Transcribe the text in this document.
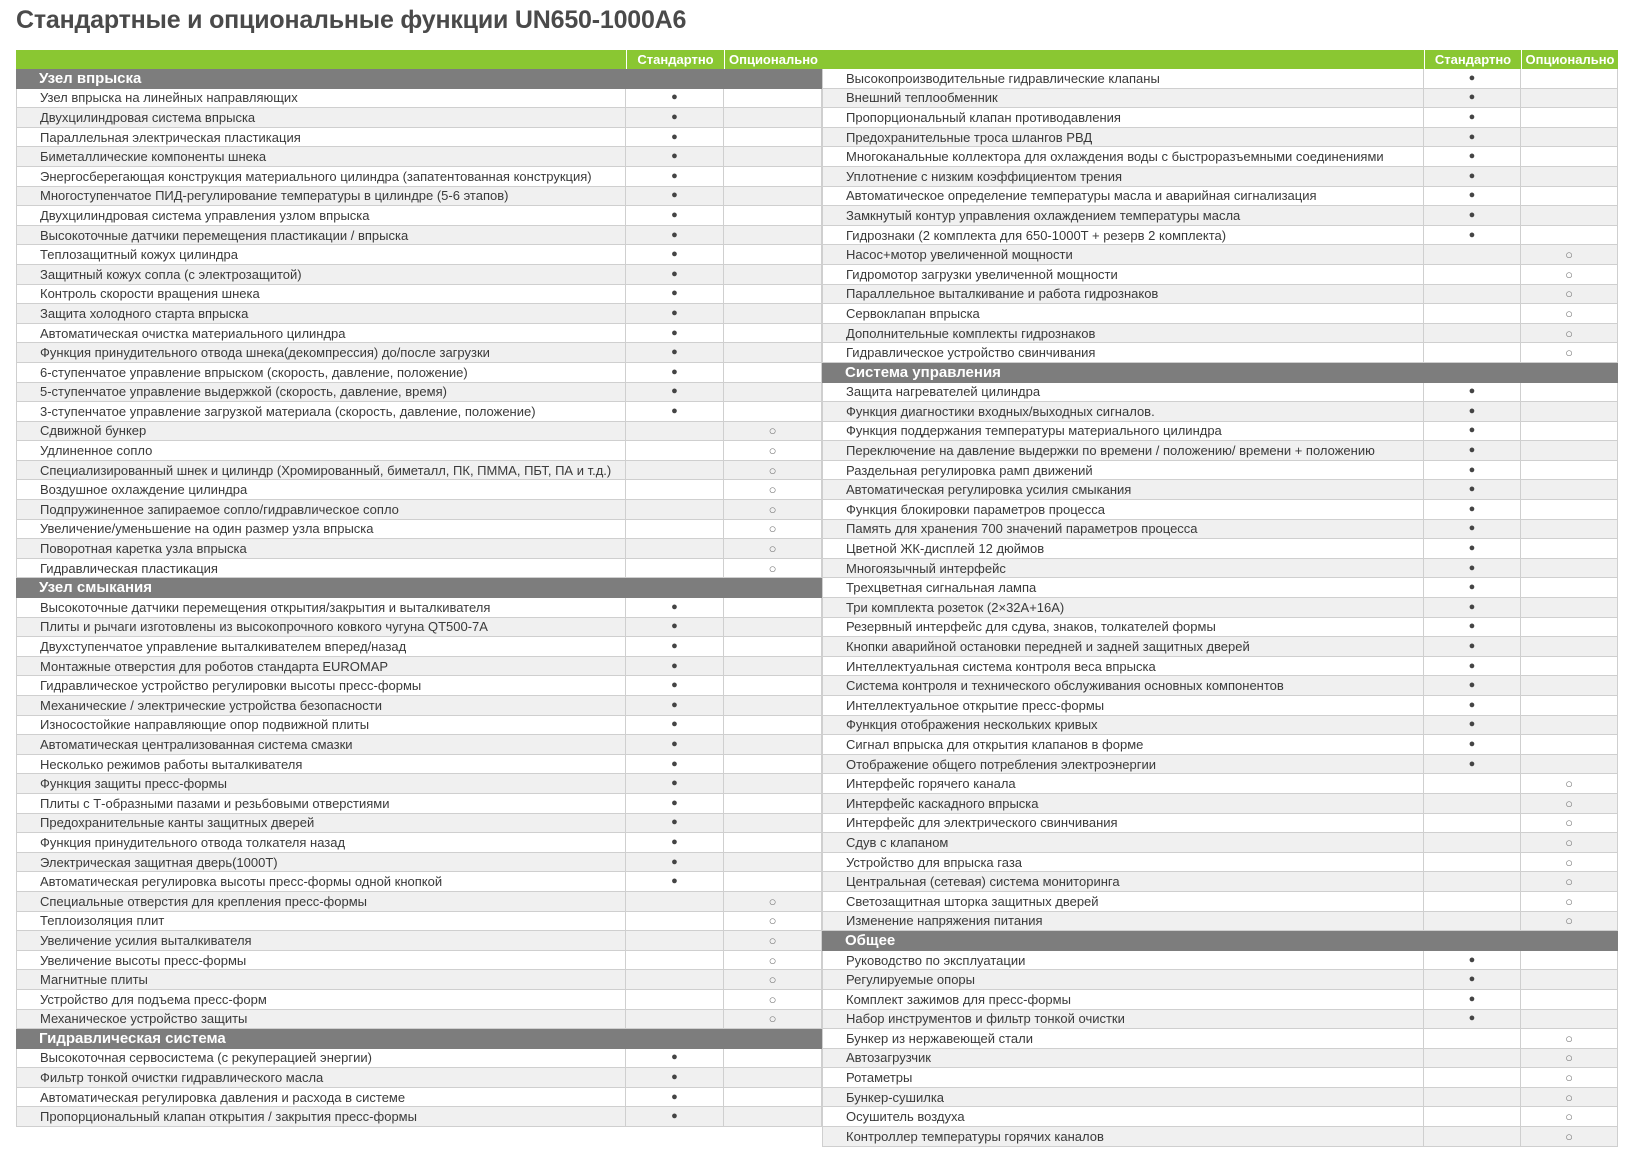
Стандартные и опциональные функции UN650-1000A6
Стандартно	Опционально
Узел впрыска
Узел впрыска на линейных направляющих	●
Двухцилиндровая система впрыска	●
Параллельная электрическая пластикация	●
Биметаллические компоненты шнека	●
Энергосберегающая конструкция материального цилиндра (запатентованная конструкция)	●
Многоступенчатое ПИД-регулирование температуры в цилиндре (5-6 этапов)	●
Двухцилиндровая система управления узлом впрыска	●
Высокоточные датчики перемещения пластикации / впрыска	●
Теплозащитный кожух цилиндра	●
Защитный кожух сопла (с электрозащитой)	●
Контроль скорости вращения шнека	●
Защита холодного старта впрыска	●
Автоматическая очистка материального цилиндра	●
Функция принудительного отвода шнека(декомпрессия) до/после загрузки	●
6-ступенчатое управление впрыском (скорость, давление, положение)	●
5-ступенчатое управление выдержкой (скорость, давление, время)	●
3-ступенчатое управление загрузкой материала (скорость, давление, положение)	●
Сдвижной бункер	○
Удлиненное сопло	○
Специализированный шнек и цилиндр (Хромированный, биметалл, ПК, ПММА, ПБТ, ПА и т.д.)	○
Воздушное охлаждение цилиндра	○
Подпружиненное запираемое сопло/гидравлическое сопло	○
Увеличение/уменьшение на один размер узла впрыска	○
Поворотная каретка узла впрыска	○
Гидравлическая пластикация	○
Узел смыкания
Высокоточные датчики перемещения открытия/закрытия и выталкивателя	●
Плиты и рычаги изготовлены из высокопрочного ковкого чугуна QT500-7A	●
Двухступенчатое управление выталкивателем вперед/назад	●
Монтажные отверстия для роботов стандарта EUROMAP	●
Гидравлическое устройство регулировки высоты пресс-формы	●
Механические / электрические устройства безопасности	●
Износостойкие направляющие опор подвижной плиты	●
Автоматическая централизованная система смазки	●
Несколько режимов работы выталкивателя	●
Функция защиты пресс-формы	●
Плиты с Т-образными пазами и резьбовыми отверстиями	●
Предохранительные канты защитных дверей	●
Функция принудительного отвода толкателя назад	●
Электрическая защитная дверь(1000T)	●
Автоматическая регулировка высоты пресс-формы одной кнопкой	●
Специальные отверстия для крепления пресс-формы	○
Теплоизоляция плит	○
Увеличение усилия выталкивателя	○
Увеличение высоты пресс-формы	○
Магнитные плиты	○
Устройство для подъема пресс-форм	○
Механическое устройство защиты	○
Гидравлическая система
Высокоточная сервосистема (с рекуперацией энергии)	●
Фильтр тонкой очистки гидравлического масла	●
Автоматическая регулировка давления и расхода в системе	●
Пропорциональный клапан открытия / закрытия пресс-формы	●
Стандартно	Опционально
Высокопроизводительные гидравлические клапаны	●
Внешний теплообменник	●
Пропорциональный клапан противодавления	●
Предохранительные троса шлангов РВД	●
Многоканальные коллектора для охлаждения воды с быстроразъемными соединениями	●
Уплотнение с низким коэффициентом трения	●
Автоматическое определение температуры масла и аварийная сигнализация	●
Замкнутый контур управления охлаждением температуры масла	●
Гидрознаки (2 комплекта для 650-1000T + резерв 2 комплекта)	●
Насос+мотор увеличенной мощности	○
Гидромотор загрузки увеличенной мощности	○
Параллельное выталкивание и работа гидрознаков	○
Сервоклапан впрыска	○
Дополнительные комплекты гидрознаков	○
Гидравлическое устройство свинчивания	○
Система управления
Защита нагревателей цилиндра	●
Функция диагностики входных/выходных сигналов.	●
Функция поддержания температуры материального цилиндра	●
Переключение на давление выдержки по времени / положению/ времени + положению	●
Раздельная регулировка рамп движений	●
Автоматическая регулировка усилия смыкания	●
Функция блокировки параметров процесса	●
Память для хранения 700 значений параметров процесса	●
Цветной ЖК-дисплей 12 дюймов	●
Многоязычный интерфейс	●
Трехцветная сигнальная лампа	●
Три комплекта розеток (2×32A+16A)	●
Резервный интерфейс для сдува, знаков, толкателей формы	●
Кнопки аварийной остановки передней и задней защитных дверей	●
Интеллектуальная система контроля веса впрыска	●
Система контроля и технического обслуживания основных компонентов	●
Интеллектуальное открытие пресс-формы	●
Функция отображения нескольких кривых	●
Сигнал впрыска для открытия клапанов в форме	●
Отображение общего потребления электроэнергии	●
Интерфейс горячего канала	○
Интерфейс каскадного впрыска	○
Интерфейс для электрического свинчивания	○
Сдув с клапаном	○
Устройство для впрыска газа	○
Центральная (сетевая) система мониторинга	○
Светозащитная шторка защитных дверей	○
Изменение напряжения питания	○
Общее
Руководство по эксплуатации	●
Регулируемые опоры	●
Комплект зажимов для пресс-формы	●
Набор инструментов и фильтр тонкой очистки	●
Бункер из нержавеющей стали	○
Автозагрузчик	○
Ротаметры	○
Бункер-сушилка	○
Осушитель воздуха	○
Контроллер температуры горячих каналов	○
